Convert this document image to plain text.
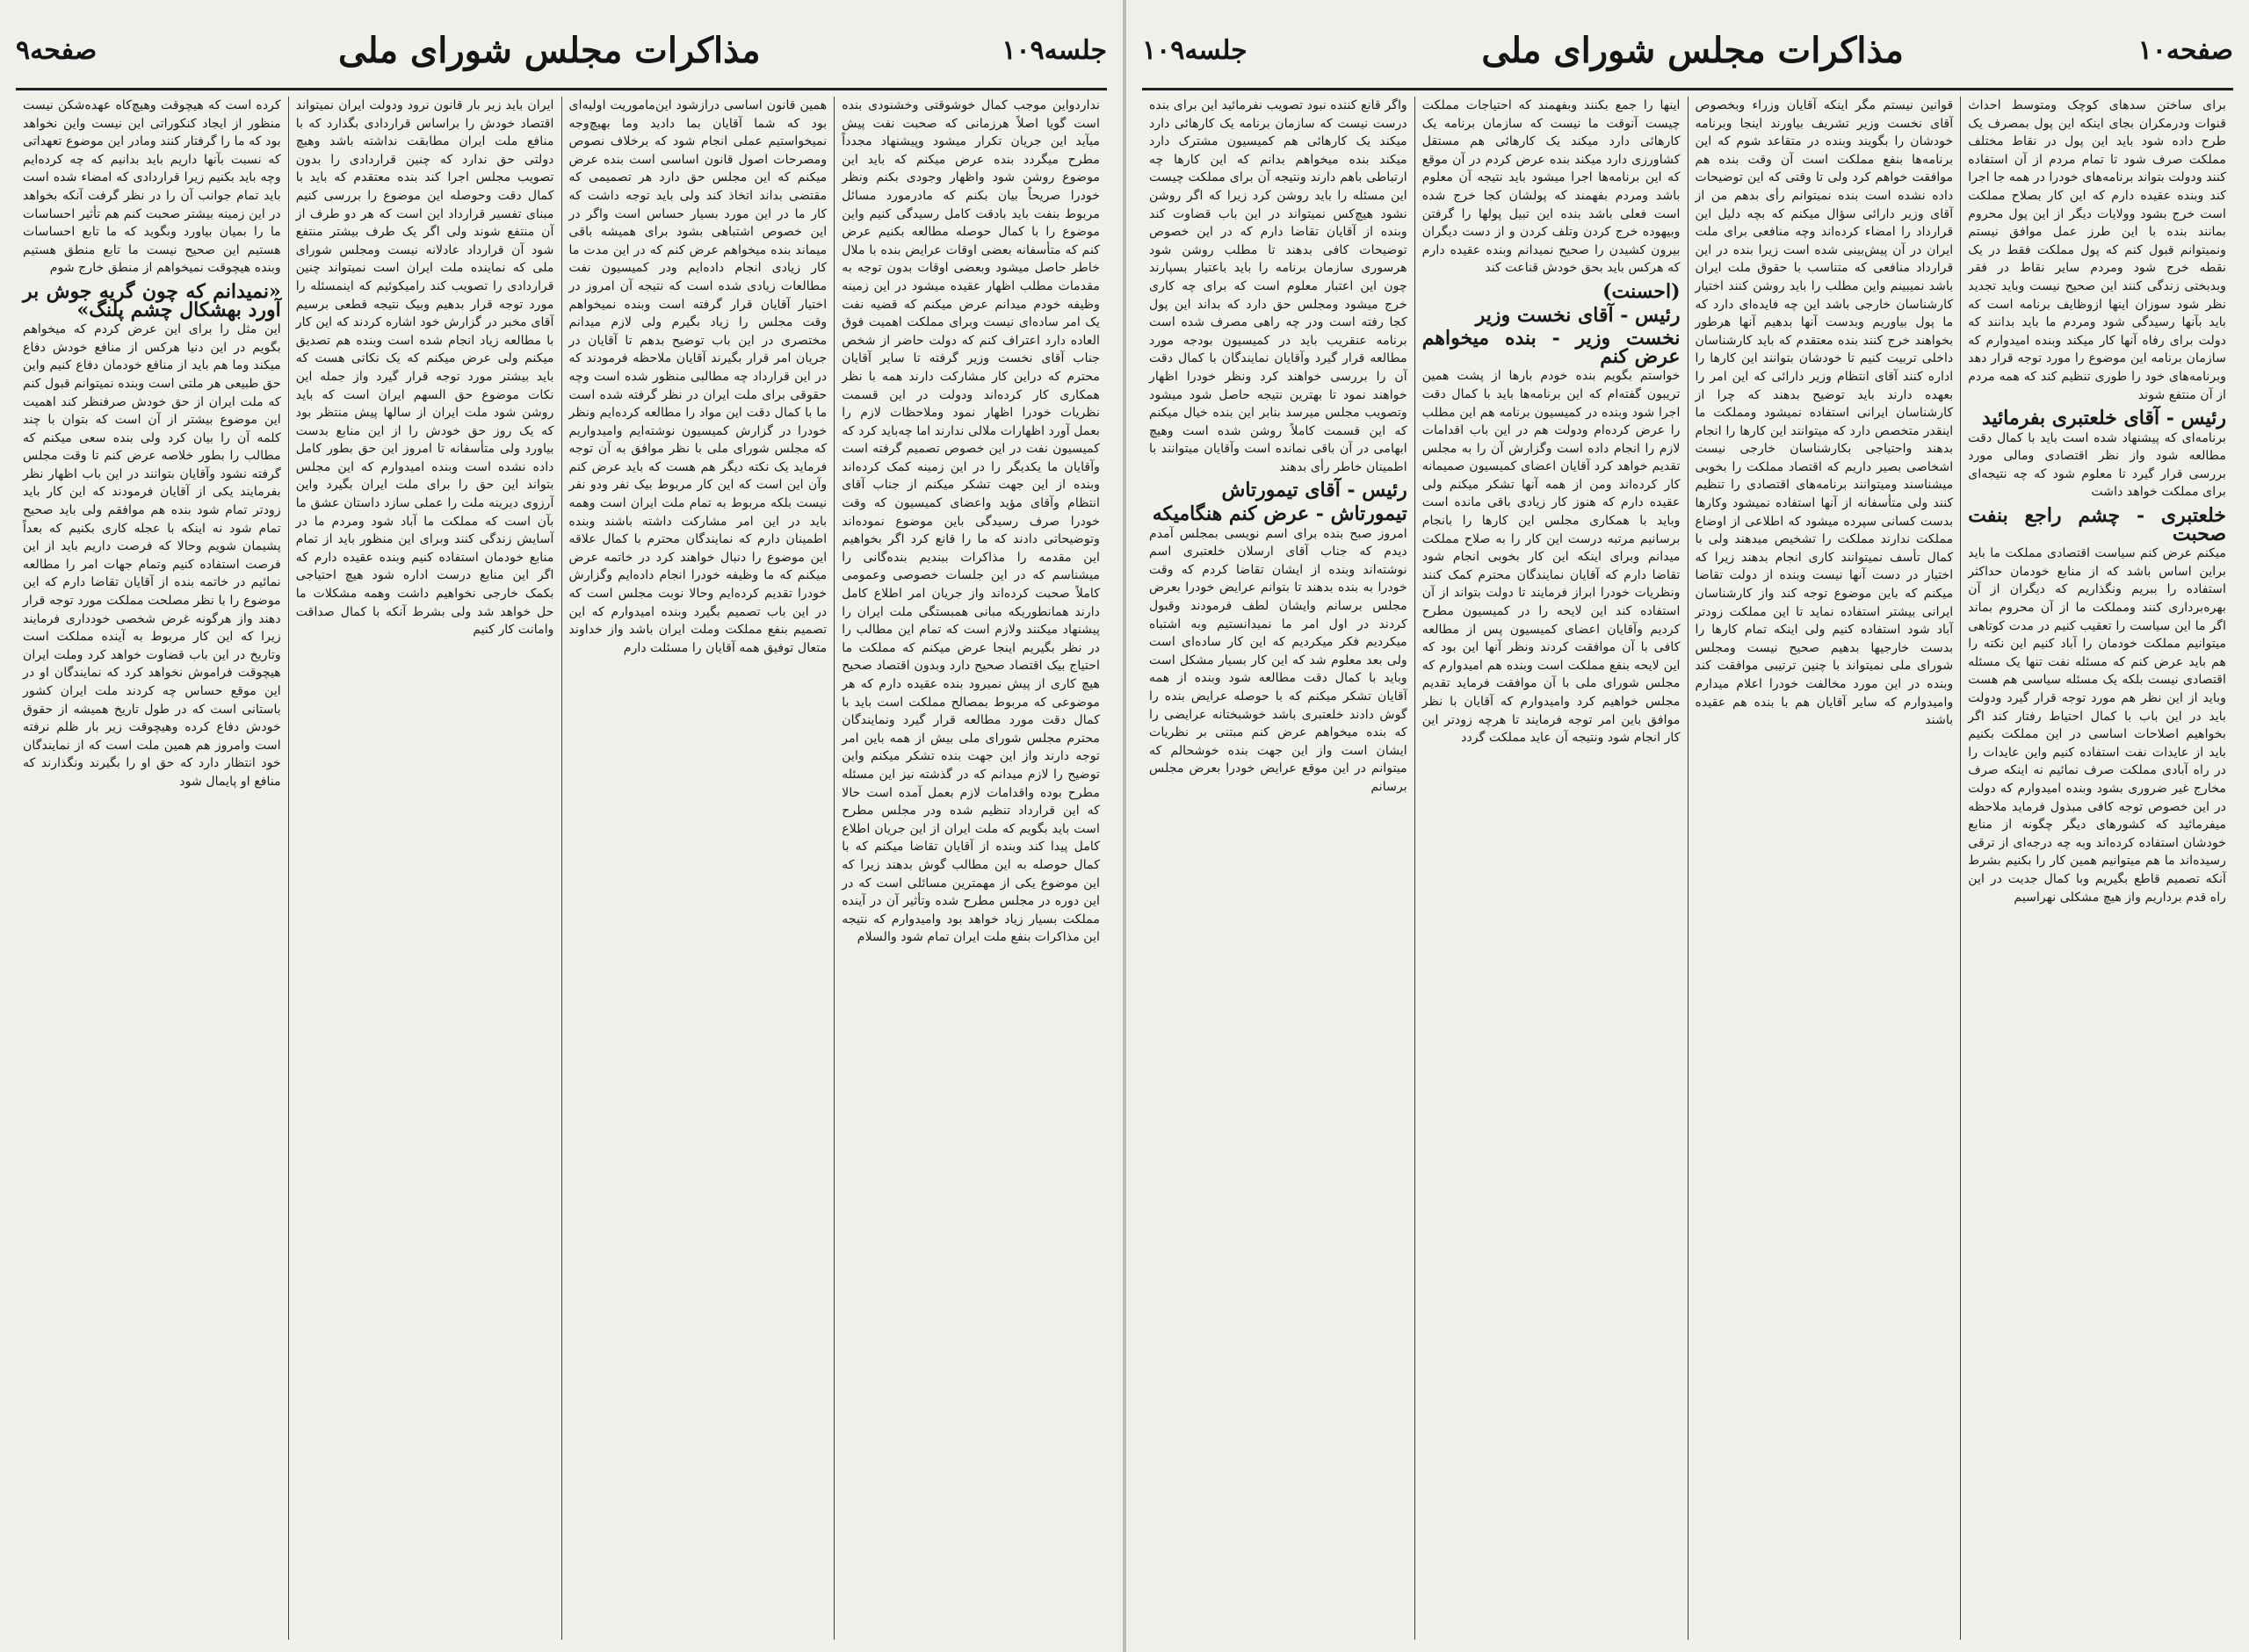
جلسه۱۰۹
مذاکرات مجلس شورای ملی
صفحه۹
نداردواین موجب کمال خوشوقتی وخشنودی بنده است گویا اصلاً هرزمانی که صحبت نفت پیش میآید این جریان تکرار میشود وپیشنهاد مجدداً مطرح میگردد بنده عرض میکنم که باید این موضوع روشن شود واظهار وجودی بکنم ونظر خودرا صریحاً بیان بکنم که مادرمورد مسائل مربوط بنفت باید بادقت کامل رسیدگی کنیم واین موضوع را با کمال حوصله مطالعه بکنیم عرض کنم که متأسفانه بعضی اوقات عرایض بنده با ملال خاطر حاصل میشود وبعضی اوقات بدون توجه به مقدمات مطلب اظهار عقیده میشود در این زمینه وظیفه خودم میدانم عرض میکنم که قضیه نفت یک امر ساده‌ای نیست وبرای مملکت اهمیت فوق العاده دارد اعتراف کنم که دولت حاضر از شخص جناب آقای نخست وزیر گرفته تا سایر آقایان محترم که دراین کار مشارکت دارند همه با نظر همکاری کار کرده‌اند ودولت در این قسمت نظریات خودرا اظهار نمود وملاحظات لازم را بعمل آورد اظهارات ملالی ندارند اما چه‌باید کرد که کمیسیون نفت در این خصوص تصمیم گرفته است وآقایان ما یکدیگر را در این زمینه کمک کرده‌اند وبنده از این جهت تشکر میکنم از جناب آقای انتظام وآقای مؤید واعضای کمیسیون که وقت خودرا صرف رسیدگی باین موضوع نموده‌اند وتوضیحاتی دادند که ما را قانع کرد اگر بخواهیم این مقدمه را مذاکرات ببندیم بنده‌گانی را میشناسم که در این جلسات خصوصی وعمومی کاملاً صحبت کرده‌اند واز جریان امر اطلاع کامل دارند همانطوریکه مبانی همبستگی ملت ایران را پیشنهاد میکنند ولازم است که تمام این مطالب را در نظر بگیریم اینجا عرض میکنم که مملکت ما احتیاج بیک اقتصاد صحیح دارد وبدون اقتصاد صحیح هیچ کاری از پیش نمیرود بنده عقیده دارم که هر موضوعی که مربوط بمصالح مملکت است باید با کمال دقت مورد مطالعه قرار گیرد ونمایندگان محترم مجلس شورای ملی بیش از همه باین امر توجه دارند واز این جهت بنده تشکر میکنم واین توضیح را لازم میدانم که در گذشته نیز این مسئله مطرح بوده واقدامات لازم بعمل آمده است حالا که این قرارداد تنظیم شده ودر مجلس مطرح است باید بگویم که ملت ایران از این جریان اطلاع کامل پیدا کند وبنده از آقایان تقاضا میکنم که با کمال حوصله به این مطالب گوش بدهند زیرا که این موضوع یکی از مهمترین مسائلی است که در این دوره در مجلس مطرح شده وتأثیر آن در آینده مملکت بسیار زیاد خواهد بود وامیدوارم که نتیجه این مذاکرات بنفع ملت ایران تمام شود والسلام
همین قانون اساسی درازشود این‌ماموریت اولیه‌ای بود که شما آقایان بما دادید وما بهیچ‌وجه نمیخواستیم عملی انجام شود که برخلاف نصوص ومصرحات اصول قانون اساسی است بنده عرض میکنم که این مجلس حق دارد هر تصمیمی که مقتضی بداند اتخاذ کند ولی باید توجه داشت که کار ما در این مورد بسیار حساس است واگر در این خصوص اشتباهی بشود برای همیشه باقی میماند بنده میخواهم عرض کنم که در این مدت ما کار زیادی انجام داده‌ایم ودر کمیسیون نفت مطالعات زیادی شده است که نتیجه آن امروز در اختیار آقایان قرار گرفته است وبنده نمیخواهم وقت مجلس را زیاد بگیرم ولی لازم میدانم مختصری در این باب توضیح بدهم تا آقایان در جریان امر قرار بگیرند آقایان ملاحظه فرمودند که در این قرارداد چه مطالبی منظور شده است وچه حقوقی برای ملت ایران در نظر گرفته شده است ما با کمال دقت این مواد را مطالعه کرده‌ایم ونظر خودرا در گزارش کمیسیون نوشته‌ایم وامیدواریم که مجلس شورای ملی با نظر موافق به آن توجه فرماید یک نکته دیگر هم هست که باید عرض کنم وآن این است که این کار مربوط بیک نفر ودو نفر نیست بلکه مربوط به تمام ملت ایران است وهمه باید در این امر مشارکت داشته باشند وبنده اطمینان دارم که نمایندگان محترم با کمال علاقه این موضوع را دنبال خواهند کرد در خاتمه عرض میکنم که ما وظیفه خودرا انجام داده‌ایم وگزارش خودرا تقدیم کرده‌ایم وحالا نوبت مجلس است که در این باب تصمیم بگیرد وبنده امیدوارم که این تصمیم بنفع مملکت وملت ایران باشد واز خداوند متعال توفیق همه آقایان را مسئلت دارم
ایران باید زیر بار قانون نرود ودولت ایران نمیتواند اقتصاد خودش را براساس قراردادی بگذارد که با منافع ملت ایران مطابقت نداشته باشد وهیچ دولتی حق ندارد که چنین قراردادی را بدون تصویب مجلس اجرا کند بنده معتقدم که باید با کمال دقت وحوصله این موضوع را بررسی کنیم مبنای تفسیر قرارداد این است که هر دو طرف از آن منتفع شوند ولی اگر یک طرف بیشتر منتفع شود آن قرارداد عادلانه نیست ومجلس شورای ملی که نماینده ملت ایران است نمیتواند چنین قراردادی را تصویب کند رامیکوئیم که اینمسئله را مورد توجه قرار بدهیم وبیک نتیجه قطعی برسیم آقای مخبر در گزارش خود اشاره کردند که این کار با مطالعه زیاد انجام شده است وبنده هم تصدیق میکنم ولی عرض میکنم که یک نکاتی هست که باید بیشتر مورد توجه قرار گیرد واز جمله این نکات موضوع حق السهم ایران است که باید روشن شود ملت ایران از سالها پیش منتظر بود که یک روز حق خودش را از این منابع بدست بیاورد ولی متأسفانه تا امروز این حق بطور کامل داده نشده است وبنده امیدوارم که این مجلس بتواند این حق را برای ملت ایران بگیرد واین آرزوی دیرینه ملت را عملی سازد داستان عشق ما بآن است که مملکت ما آباد شود ومردم ما در آسایش زندگی کنند وبرای این منظور باید از تمام منابع خودمان استفاده کنیم وبنده عقیده دارم که اگر این منابع درست اداره شود هیچ احتیاجی بکمک خارجی نخواهیم داشت وهمه مشکلات ما حل خواهد شد ولی بشرط آنکه با کمال صداقت وامانت کار کنیم
کرده است که هیچوقت وهیچ‌کاه عهده‌شکن نیست منظور از ایجاد کنکوراتی این نیست واین نخواهد بود که ما را گرفتار کنند ومادر این موضوع تعهداتی که نسبت بآنها داریم باید بدانیم که چه کرده‌ایم وچه باید بکنیم زیرا قراردادی که امضاء شده است باید تمام جوانب آن را در نظر گرفت آنکه بخواهد در این زمینه بیشتر صحبت کنم هم تأثیر احساسات ما را بمیان بیاورد وبگوید که ما تابع احساسات هستیم این صحیح نیست ما تابع منطق هستیم وبنده هیچوقت نمیخواهم از منطق خارج شوم
«نمیدانم که چون گریه جوش بر آورد بهشکال چشم پلنگ»
این مثل را برای این عرض کردم که میخواهم بگویم در این دنیا هرکس از منافع خودش دفاع میکند وما هم باید از منافع خودمان دفاع کنیم واین حق طبیعی هر ملتی است وبنده نمیتوانم قبول کنم که ملت ایران از حق خودش صرفنظر کند اهمیت این موضوع بیشتر از آن است که بتوان با چند کلمه آن را بیان کرد ولی بنده سعی میکنم که مطالب را بطور خلاصه عرض کنم تا وقت مجلس گرفته نشود وآقایان بتوانند در این باب اظهار نظر بفرمایند یکی از آقایان فرمودند که این کار باید زودتر تمام شود بنده هم موافقم ولی باید صحیح تمام شود نه اینکه با عجله کاری بکنیم که بعداً پشیمان شویم وحالا که فرصت داریم باید از این فرصت استفاده کنیم وتمام جهات امر را مطالعه نمائیم در خاتمه بنده از آقایان تقاضا دارم که این موضوع را با نظر مصلحت مملکت مورد توجه قرار دهند واز هرگونه غرض شخصی خودداری فرمایند زیرا که این کار مربوط به آینده مملکت است وتاریخ در این باب قضاوت خواهد کرد وملت ایران هیچوقت فراموش نخواهد کرد که نمایندگان او در این موقع حساس چه کردند ملت ایران کشور باستانی است که در طول تاریخ همیشه از حقوق خودش دفاع کرده وهیچوقت زیر بار ظلم نرفته است وامروز هم همین ملت است که از نمایندگان خود انتظار دارد که حق او را بگیرند ونگذارند که منافع او پایمال شود
صفحه۱۰
مذاکرات مجلس شورای ملی
جلسه۱۰۹
برای ساختن سدهای کوچک ومتوسط احداث قنوات ودرمکران بجای اینکه این پول بمصرف یک طرح داده شود باید این پول در نقاط مختلف مملکت صرف شود تا تمام مردم از آن استفاده کنند ودولت بتواند برنامه‌های خودرا در همه جا اجرا کند وبنده عقیده دارم که این کار بصلاح مملکت است خرج بشود وولایات دیگر از این پول محروم بمانند بنده با این طرز عمل موافق نیستم ونمیتوانم قبول کنم که پول مملکت فقط در یک نقطه خرج شود ومردم سایر نقاط در فقر وبدبختی زندگی کنند این صحیح نیست وباید تجدید نظر شود سوزان اینها ازوظایف برنامه است که باید بآنها رسیدگی شود ومردم ما باید بدانند که دولت برای رفاه آنها کار میکند وبنده امیدوارم که سازمان برنامه این موضوع را مورد توجه قرار دهد وبرنامه‌های خود را طوری تنظیم کند که همه مردم از آن منتفع شوند
رئیس - آقای خلعتبری بفرمائید
برنامه‌ای که پیشنهاد شده است باید با کمال دقت مطالعه شود واز نظر اقتصادی ومالی مورد بررسی قرار گیرد تا معلوم شود که چه نتیجه‌ای برای مملکت خواهد داشت
خلعتبری - چشم راجع بنفت صحبت
میکنم عرض کنم سیاست اقتصادی مملکت ما باید براین اساس باشد که از منابع خودمان حداکثر استفاده را ببریم ونگذاریم که دیگران از آن بهره‌برداری کنند ومملکت ما از آن محروم بماند اگر ما این سیاست را تعقیب کنیم در مدت کوتاهی میتوانیم مملکت خودمان را آباد کنیم این نکته را هم باید عرض کنم که مسئله نفت تنها یک مسئله اقتصادی نیست بلکه یک مسئله سیاسی هم هست وباید از این نظر هم مورد توجه قرار گیرد ودولت باید در این باب با کمال احتیاط رفتار کند اگر بخواهیم اصلاحات اساسی در این مملکت بکنیم باید از عایدات نفت استفاده کنیم واین عایدات را در راه آبادی مملکت صرف نمائیم نه اینکه صرف مخارج غیر ضروری بشود وبنده امیدوارم که دولت در این خصوص توجه کافی مبذول فرماید ملاحظه میفرمائید که کشورهای دیگر چگونه از منابع خودشان استفاده کرده‌اند وبه چه درجه‌ای از ترقی رسیده‌اند ما هم میتوانیم همین کار را بکنیم بشرط آنکه تصمیم قاطع بگیریم وبا کمال جدیت در این راه قدم برداریم واز هیچ مشکلی نهراسیم
قوانین نیستم مگر اینکه آقایان وزراء وبخصوص آقای نخست وزیر تشریف بیاورند اینجا وبرنامه خودشان را بگویند وبنده در متقاعد شوم که این برنامه‌ها بنفع مملکت است آن وقت بنده هم موافقت خواهم کرد ولی تا وقتی که این توضیحات داده نشده است بنده نمیتوانم رأی بدهم من از آقای وزیر دارائی سؤال میکنم که بچه دلیل این قرارداد را امضاء کرده‌اند وچه منافعی برای ملت ایران در آن پیش‌بینی شده است زیرا بنده در این قرارداد منافعی که متناسب با حقوق ملت ایران باشد نمیبینم واین مطلب را باید روشن کنند اختیار کارشناسان خارجی باشد این چه فایده‌ای دارد که ما پول بیاوریم وبدست آنها بدهیم آنها هرطور بخواهند خرج کنند بنده معتقدم که باید کارشناسان داخلی تربیت کنیم تا خودشان بتوانند این کارها را اداره کنند آقای انتظام وزیر دارائی که این امر را بعهده دارند باید توضیح بدهند که چرا از کارشناسان ایرانی استفاده نمیشود ومملکت ما اینقدر متخصص دارد که میتوانند این کارها را انجام بدهند واحتیاجی بکارشناسان خارجی نیست اشخاصی بصیر داریم که اقتصاد مملکت را بخوبی میشناسند ومیتوانند برنامه‌های اقتصادی را تنظیم کنند ولی متأسفانه از آنها استفاده نمیشود وکارها بدست کسانی سپرده میشود که اطلاعی از اوضاع مملکت ندارند مملکت را تشخیص میدهند ولی با کمال تأسف نمیتوانند کاری انجام بدهند زیرا که اختیار در دست آنها نیست وبنده از دولت تقاضا میکنم که باین موضوع توجه کند واز کارشناسان ایرانی بیشتر استفاده نماید تا این مملکت زودتر آباد شود استفاده کنیم ولی اینکه تمام کارها را بدست خارجیها بدهیم صحیح نیست ومجلس شورای ملی نمیتواند با چنین ترتیبی موافقت کند وبنده در این مورد مخالفت خودرا اعلام میدارم وامیدوارم که سایر آقایان هم با بنده هم عقیده باشند
اینها را جمع بکنند وبفهمند که احتیاجات مملکت چیست آنوقت ما نیست که سازمان برنامه یک کارهائی دارد میکند یک کارهائی هم مستقل کشاورزی دارد میکند بنده عرض کردم در آن موقع که این برنامه‌ها اجرا میشود باید نتیجه آن معلوم باشد ومردم بفهمند که پولشان کجا خرج شده است فعلی باشد بنده این تبیل پولها را گرفتن وبیهوده خرج کردن وتلف کردن و از دست دیگران بیرون کشیدن را صحیح نمیدانم وبنده عقیده دارم که هرکس باید بحق خودش قناعت کند
(احسنت)
رئیس - آقای نخست وزیر
نخست وزیر - بنده میخواهم عرض کنم
خواستم بگویم بنده خودم بارها از پشت همین تریبون گفته‌ام که این برنامه‌ها باید با کمال دقت اجرا شود وبنده در کمیسیون برنامه هم این مطلب را عرض کرده‌ام ودولت هم در این باب اقدامات لازم را انجام داده است وگزارش آن را به مجلس تقدیم خواهد کرد آقایان اعضای کمیسیون صمیمانه کار کرده‌اند ومن از همه آنها تشکر میکنم ولی عقیده دارم که هنوز کار زیادی باقی مانده است وباید با همکاری مجلس این کارها را بانجام برسانیم مرتبه درست این کار را به صلاح مملکت میدانم وبرای اینکه این کار بخوبی انجام شود تقاضا دارم که آقایان نمایندگان محترم کمک کنند ونظریات خودرا ابراز فرمایند تا دولت بتواند از آن استفاده کند این لایحه را در کمیسیون مطرح کردیم وآقایان اعضای کمیسیون پس از مطالعه کافی با آن موافقت کردند ونظر آنها این بود که این لایحه بنفع مملکت است وبنده هم امیدوارم که مجلس شورای ملی با آن موافقت فرماید تقدیم مجلس خواهیم کرد وامیدوارم که آقایان با نظر موافق باین امر توجه فرمایند تا هرچه زودتر این کار انجام شود ونتیجه آن عاید مملکت گردد
واگر قانع کننده نبود تصویب نفرمائید این برای بنده درست نیست که سازمان برنامه یک کارهائی دارد میکند یک کارهائی هم کمیسیون مشترک دارد میکند بنده میخواهم بدانم که این کارها چه ارتباطی باهم دارند ونتیجه آن برای مملکت چیست این مسئله را باید روشن کرد زیرا که اگر روشن نشود هیچ‌کس نمیتواند در این باب قضاوت کند وبنده از آقایان تقاضا دارم که در این خصوص توضیحات کافی بدهند تا مطلب روشن شود هرسوری سازمان برنامه را باید باعتبار بسپارند چون این اعتبار معلوم است که برای چه کاری خرج میشود ومجلس حق دارد که بداند این پول کجا رفته است ودر چه راهی مصرف شده است برنامه عنقریب باید در کمیسیون بودجه مورد مطالعه قرار گیرد وآقایان نمایندگان با کمال دقت آن را بررسی خواهند کرد ونظر خودرا اظهار خواهند نمود تا بهترین نتیجه حاصل شود میشود وتصویب مجلس میرسد بنابر این بنده خیال میکنم که این قسمت کاملاً روشن شده است وهیچ ابهامی در آن باقی نمانده است وآقایان میتوانند با اطمینان خاطر رأی بدهند
رئیس - آقای تیمورتاش
تیمورتاش - عرض کنم هنگامیکه
امروز صبح بنده برای اسم نویسی بمجلس آمدم دیدم که جناب آقای ارسلان خلعتبری اسم نوشته‌اند وبنده از ایشان تقاضا کردم که وقت خودرا به بنده بدهند تا بتوانم عرایض خودرا بعرض مجلس برسانم وایشان لطف فرمودند وقبول کردند در اول امر ما نمیدانستیم وبه اشتباه میکردیم فکر میکردیم که این کار ساده‌ای است ولی بعد معلوم شد که این کار بسیار مشکل است وباید با کمال دقت مطالعه شود وبنده از همه آقایان تشکر میکنم که با حوصله عرایض بنده را گوش دادند خلعتبری باشد خوشبختانه عرایضی را که بنده میخواهم عرض کنم مبتنی بر نظریات ایشان است واز این جهت بنده خوشحالم که میتوانم در این موقع عرایض خودرا بعرض مجلس برسانم
